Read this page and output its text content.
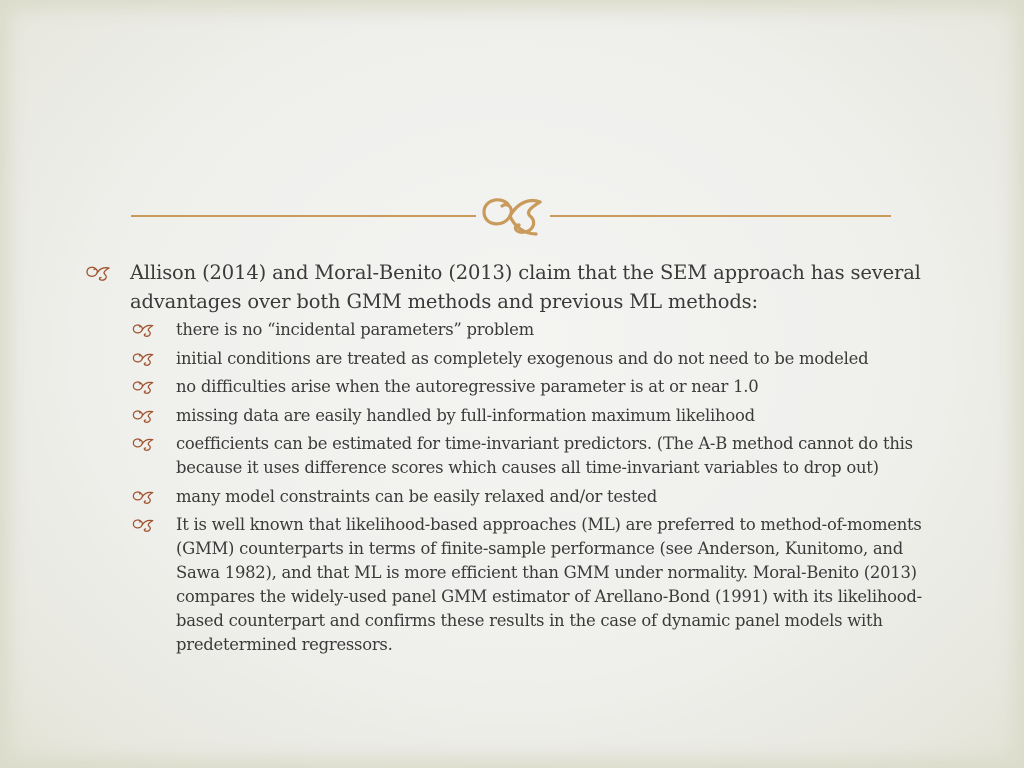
Allison (2014) and Moral-Benito (2013) claim that the SEM approach has several advantages over both GMM methods and previous ML methods:
there is no “incidental parameters” problem
initial conditions are treated as completely exogenous and do not need to be modeled
no difficulties arise when the autoregressive parameter is at or near 1.0
missing data are easily handled by full-information maximum likelihood
coefficients can be estimated for time-invariant predictors. (The A-B method cannot do this because it uses difference scores which causes all time-invariant variables to drop out)
many model constraints can be easily relaxed and/or tested
It is well known that likelihood-based approaches (ML) are preferred to method-of-moments (GMM) counterparts in terms of finite-sample performance (see Anderson, Kunitomo, and Sawa 1982), and that ML is more efficient than GMM under normality. Moral-Benito (2013) compares the widely-used panel GMM estimator of Arellano-Bond (1991) with its likelihood-based counterpart and confirms these results in the case of dynamic panel models with predetermined regressors.
